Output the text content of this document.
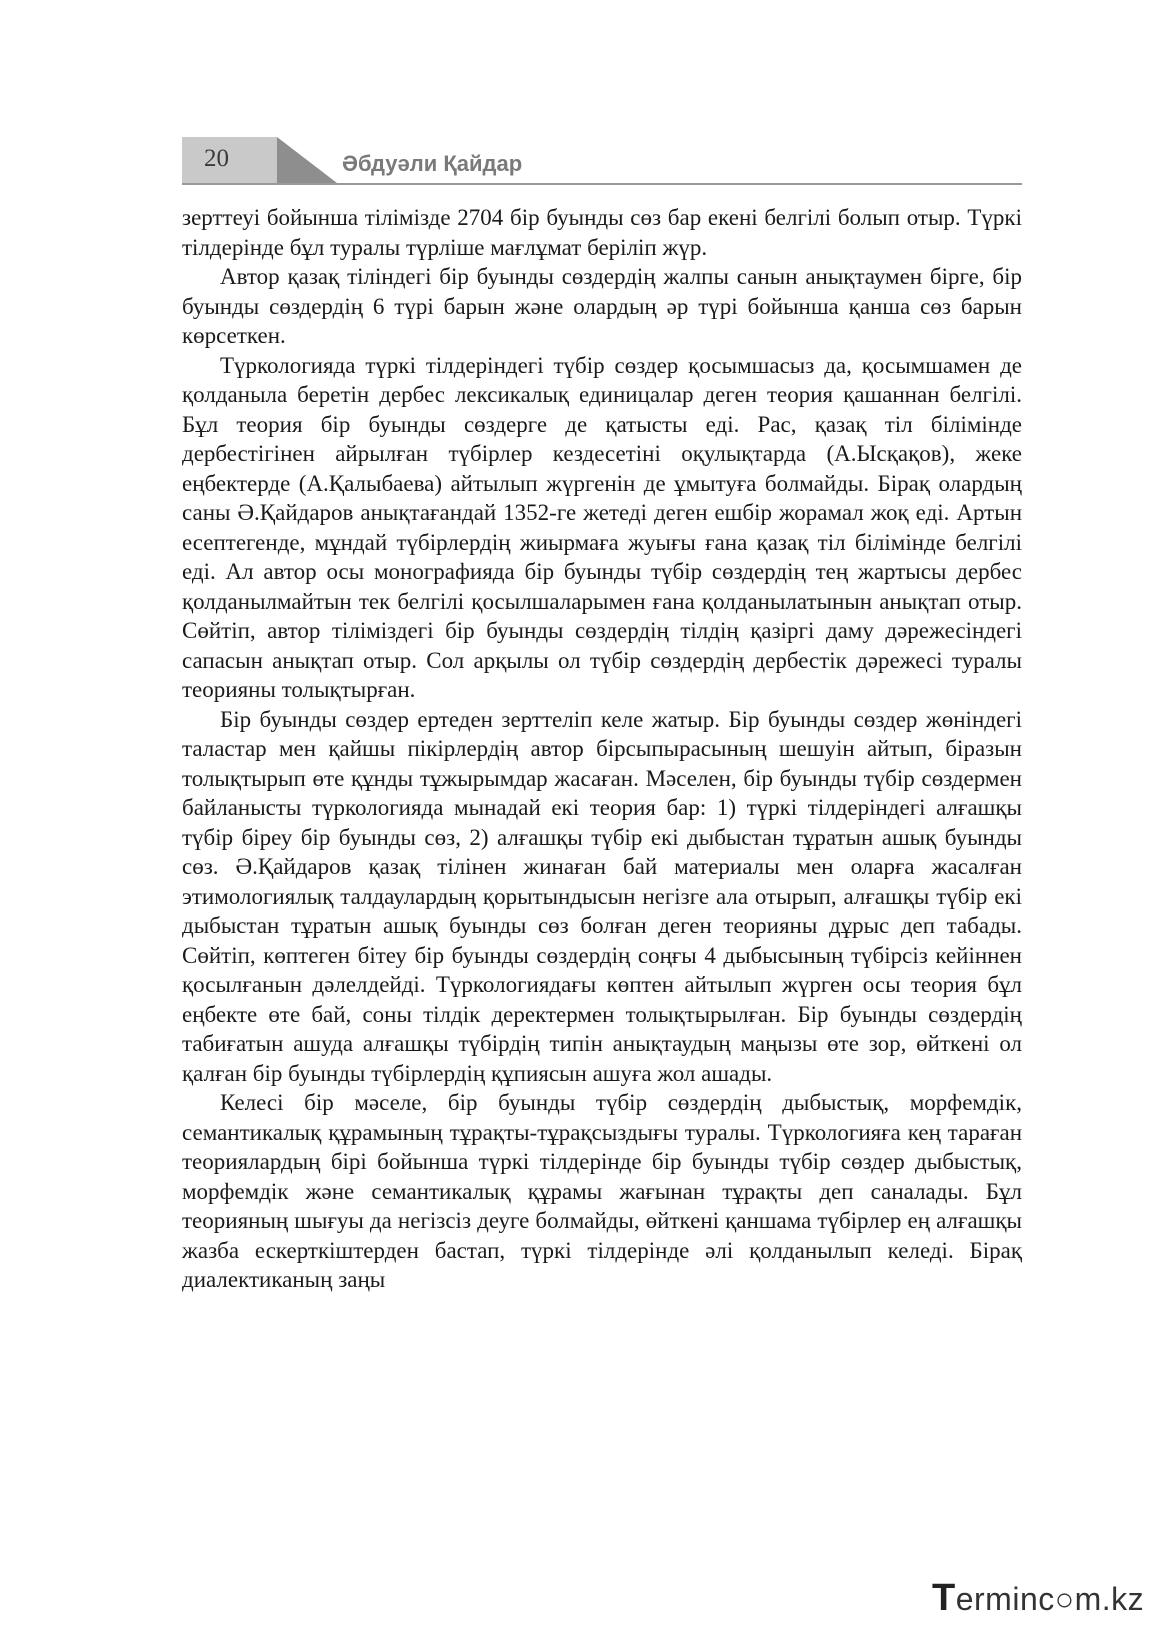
20	Әбдуәли Қайдар

зерттеуі бойынша тілімізде 2704 бір буынды сөз бар екені белгілі болып отыр. Түркі тілдерінде бұл туралы түрліше мағлұмат беріліп жүр.

Автор қазақ тіліндегі бір буынды сөздердің жалпы санын анықтаумен бірге, бір буынды сөздердің 6 түрі барын және олардың әр түрі бойынша қанша сөз барын көрсеткен.

Түркологияда түркі тілдеріндегі түбір сөздер қосымшасыз да, қосымшамен де қолданыла беретін дербес лексикалық единицалар деген теория қашаннан белгілі. Бұл теория бір буынды сөздерге де қатысты еді. Рас, қазақ тіл білімінде дербестігінен айрылған түбірлер кездесетіні оқулықтарда (А.Ысқақов), жеке еңбектерде (А.Қалыбаева) айтылып жүргенін де ұмытуға болмайды. Бірақ олардың саны Ә.Қайдаров анықтағандай 1352-ге жетеді деген ешбір жорамал жоқ еді. Артын есептегенде, мұндай түбірлердің жиырмаға жуығы ғана қазақ тіл білімінде белгілі еді. Ал автор осы монографияда бір буынды түбір сөздердің тең жартысы дербес қолданылмайтын тек белгілі қосылшаларымен ғана қолданылатынын анықтап отыр. Сөйтіп, автор тіліміздегі бір буынды сөздердің тілдің қазіргі даму дәрежесіндегі сапасын анықтап отыр. Сол арқылы ол түбір сөздердің дербестік дәрежесі туралы теорияны толықтырған.

Бір буынды сөздер ертеден зерттеліп келе жатыр. Бір буынды сөздер жөніндегі таластар мен қайшы пікірлердің автор бірсыпырасының шешуін айтып, біразын толықтырып өте құнды тұжырымдар жасаған. Мәселен, бір буынды түбір сөздермен байланысты түркологияда мынадай екі теория бар: 1) түркі тілдеріндегі алғашқы түбір біреу бір буынды сөз, 2) алғашқы түбір екі дыбыстан тұратын ашық буынды сөз. Ә.Қайдаров қазақ тілінен жинаған бай материалы мен оларға жасалған этимологиялық талдаулардың қорытындысын негізге ала отырып, алғашқы түбір екі дыбыстан тұратын ашық буынды сөз болған деген теорияны дұрыс деп табады. Сөйтіп, көптеген бітеу бір буынды сөздердің соңғы 4 дыбысының түбірсіз кейіннен қосылғанын дәлелдейді. Түркологиядағы көптен айтылып жүрген осы теория бұл еңбекте өте бай, соны тілдік деректермен толықтырылған. Бір буынды сөздердің табиғатын ашуда алғашқы түбірдің типін анықтаудың маңызы өте зор, өйткені ол қалған бір буынды түбірлердің құпиясын ашуға жол ашады.

Келесі бір мәселе, бір буынды түбір сөздердің дыбыстық, морфемдік, семантикалық құрамының тұрақты-тұрақсыздығы туралы. Түркологияға кең тараған теориялардың бірі бойынша түркі тілдерінде бір буынды түбір сөздер дыбыстық, морфемдік және семантикалық құрамы жағынан тұрақты деп саналады. Бұл теорияның шығуы да негізсіз деуге болмайды, өйткені қаншама түбірлер ең алғашқы жазба ескерткіштерден бастап, түркі тілдерінде әлі қолданылып келеді. Бірақ диалектиканың заңы

Terminc○m.kz
